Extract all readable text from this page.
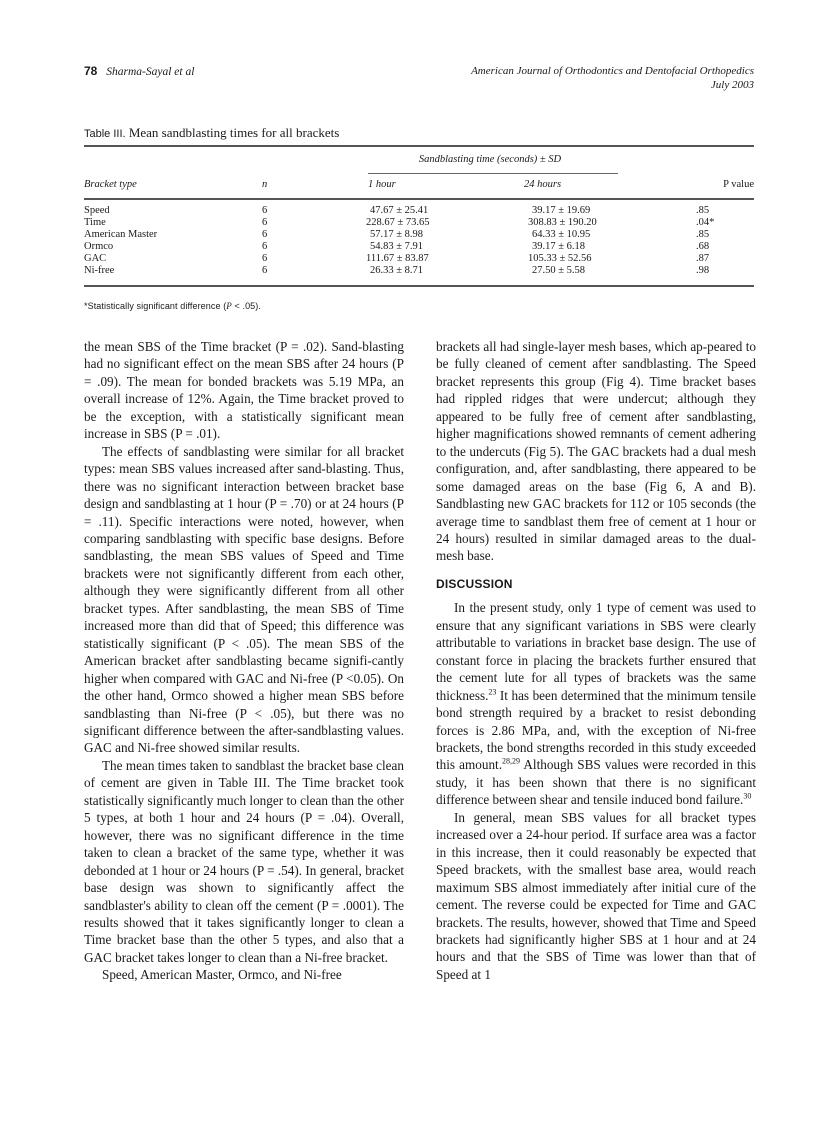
78 Sharma-Sayal et al	American Journal of Orthodontics and Dentofacial Orthopedics
July 2003
Table III. Mean sandblasting times for all brackets
Sandblasting time (seconds) ± SD
Bracket type	n	1 hour	24 hours	P value
Speed	6	47.67 ± 25.41	39.17 ± 19.69	.85
Time	6	228.67 ± 73.65	308.83 ± 190.20	.04*
American Master	6	57.17 ± 8.98	64.33 ± 10.95	.85
Ormco	6	54.83 ± 7.91	39.17 ± 6.18	.68
GAC	6	111.67 ± 83.87	105.33 ± 52.56	.87
Ni-free	6	26.33 ± 8.71	27.50 ± 5.58	.98
*Statistically significant difference (P < .05).

the mean SBS of the Time bracket (P = .02). Sand-blasting had no significant effect on the mean SBS after 24 hours (P = .09). The mean for bonded brackets was 5.19 MPa, an overall increase of 12%. Again, the Time bracket proved to be the exception, with a statistically significant mean increase in SBS (P = .01).

The effects of sandblasting were similar for all bracket types: mean SBS values increased after sand-blasting. Thus, there was no significant interaction between bracket base design and sandblasting at 1 hour (P = .70) or at 24 hours (P = .11). Specific interactions were noted, however, when comparing sandblasting with specific base designs. Before sandblasting, the mean SBS values of Speed and Time brackets were not significantly different from each other, although they were significantly different from all other bracket types. After sandblasting, the mean SBS of Time increased more than did that of Speed; this difference was statistically significant (P < .05). The mean SBS of the American bracket after sandblasting became signifi-cantly higher when compared with GAC and Ni-free (P <0.05). On the other hand, Ormco showed a higher mean SBS before sandblasting than Ni-free (P < .05), but there was no significant difference between the after-sandblasting values. GAC and Ni-free showed similar results.

The mean times taken to sandblast the bracket base clean of cement are given in Table III. The Time bracket took statistically significantly much longer to clean than the other 5 types, at both 1 hour and 24 hours (P = .04). Overall, however, there was no significant difference in the time taken to clean a bracket of the same type, whether it was debonded at 1 hour or 24 hours (P = .54). In general, bracket base design was shown to significantly affect the sandblaster's ability to clean off the cement (P = .0001). The results showed that it takes significantly longer to clean a Time bracket base than the other 5 types, and also that a GAC bracket takes longer to clean than a Ni-free bracket.

Speed, American Master, Ormco, and Ni-free

brackets all had single-layer mesh bases, which ap-peared to be fully cleaned of cement after sandblasting. The Speed bracket represents this group (Fig 4). Time bracket bases had rippled ridges that were undercut; although they appeared to be fully free of cement after sandblasting, higher magnifications showed remnants of cement adhering to the undercuts (Fig 5). The GAC brackets had a dual mesh configuration, and, after sandblasting, there appeared to be some damaged areas on the base (Fig 6, A and B). Sandblasting new GAC brackets for 112 or 105 seconds (the average time to sandblast them free of cement at 1 hour or 24 hours) resulted in similar damaged areas to the dual-mesh base.

DISCUSSION

In the present study, only 1 type of cement was used to ensure that any significant variations in SBS were clearly attributable to variations in bracket base design. The use of constant force in placing the brackets further ensured that the cement lute for all types of brackets was the same thickness.$^{23}$ It has been determined that the minimum tensile bond strength required by a bracket to resist debonding forces is 2.86 MPa, and, with the exception of Ni-free brackets, the bond strengths recorded in this study exceeded this amount.$^{28,29}$ Although SBS values were recorded in this study, it has been shown that there is no significant difference between shear and tensile induced bond failure.$^{30}$

In general, mean SBS values for all bracket types increased over a 24-hour period. If surface area was a factor in this increase, then it could reasonably be expected that Speed brackets, with the smallest base area, would reach maximum SBS almost immediately after initial cure of the cement. The reverse could be expected for Time and GAC brackets. The results, however, showed that Time and Speed brackets had significantly higher SBS at 1 hour and at 24 hours and that the SBS of Time was lower than that of Speed at 1
